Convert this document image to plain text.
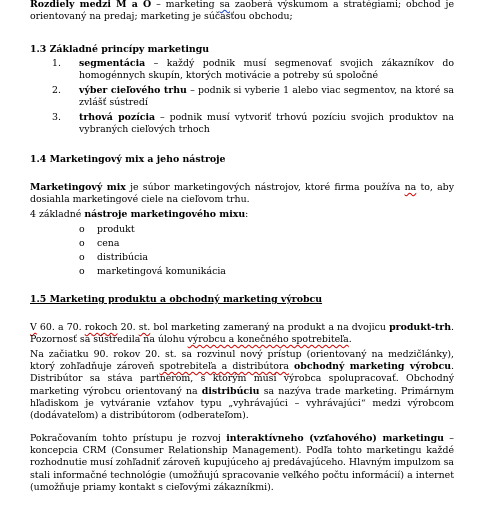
Rozdiely medzi M a O – marketing sa zaoberá výskumom a stratégiami; obchod je orientovaný na predaj; marketing je súčasťou obchodu;

1.3 Základné princípy marketingu

1. segmentácia – každý podnik musí segmenovať svojich zákazníkov do homogénnych skupín, ktorých motivácie a potreby sú spoločné
2. výber cieľového trhu – podnik si vyberie 1 alebo viac segmentov, na ktoré sa zvlášť sústredí
3. trhová pozícia – podnik musí vytvoriť trhovú pozíciu svojich produktov na vybraných cieľových trhoch

1.4 Marketingový mix a jeho nástroje

Marketingový mix je súbor marketingových nástrojov, ktoré firma používa na to, aby dosiahla marketingové ciele na cieľovom trhu.

4 základné nástroje marketingového mixu:

o produkt
o cena
o distribúcia
o marketingová komunikácia

1.5 Marketing produktu a obchodný marketing výrobcu

V 60. a 70. rokoch 20. st. bol marketing zameraný na produkt a na dvojicu produkt-trh. Pozornosť sa sústredila na úlohu výrobcu a konečného spotrebiteľa.

Na začiatku 90. rokov 20. st. sa rozvinul nový prístup (orientovaný na medzičlánky), ktorý zohľadňuje zároveň spotrebiteľa a distribútora obchodný marketing výrobcu. Distribútor sa stáva partnerom, s ktorým musí výrobca spolupracovať. Obchodný marketing výrobcu orientovaný na distribúciu sa nazýva trade marketing. Primárnym hľadiskom je vytváranie vzťahov typu „vyhrávajúci – vyhrávajúci“ medzi výrobcom (dodávateľom) a distribútorom (odberateľom).

Pokračovaním tohto prístupu je rozvoj interaktívneho (vzťahového) marketingu – koncepcia CRM (Consumer Relationship Management). Podľa tohto marketingu každé rozhodnutie musí zohľadniť zároveň kupujúceho aj predávajúceho. Hlavným impulzom sa stali informačné technológie (umožňujú spracovanie veľkého počtu informácií) a internet (umožňuje priamy kontakt s cieľovými zákazníkmi).
